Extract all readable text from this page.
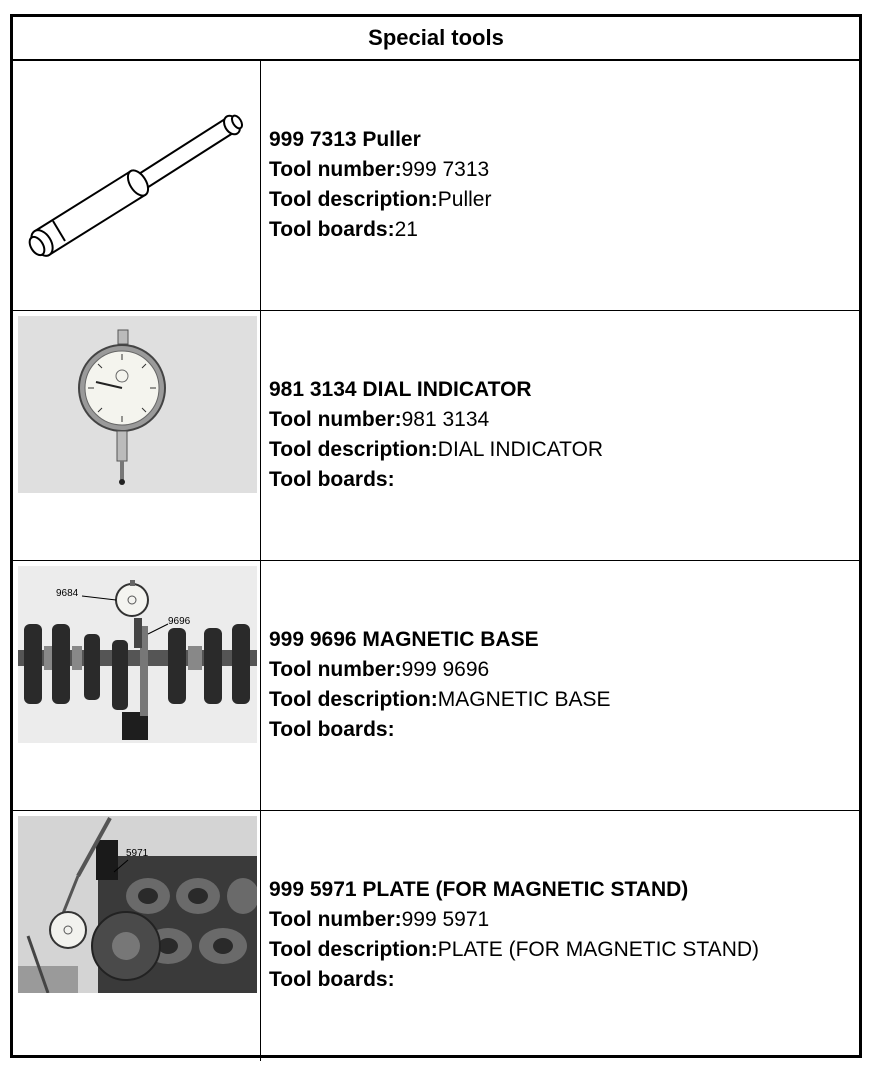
Special tools
999 7313 Puller
Tool number:999 7313
Tool description:Puller
Tool boards:21
981 3134 DIAL INDICATOR
Tool number:981 3134
Tool description:DIAL INDICATOR
Tool boards:
9684
9696
999 9696 MAGNETIC BASE
Tool number:999 9696
Tool description:MAGNETIC BASE
Tool boards:
5971
999 5971 PLATE (FOR MAGNETIC STAND)
Tool number:999 5971
Tool description:PLATE (FOR MAGNETIC STAND)
Tool boards:
